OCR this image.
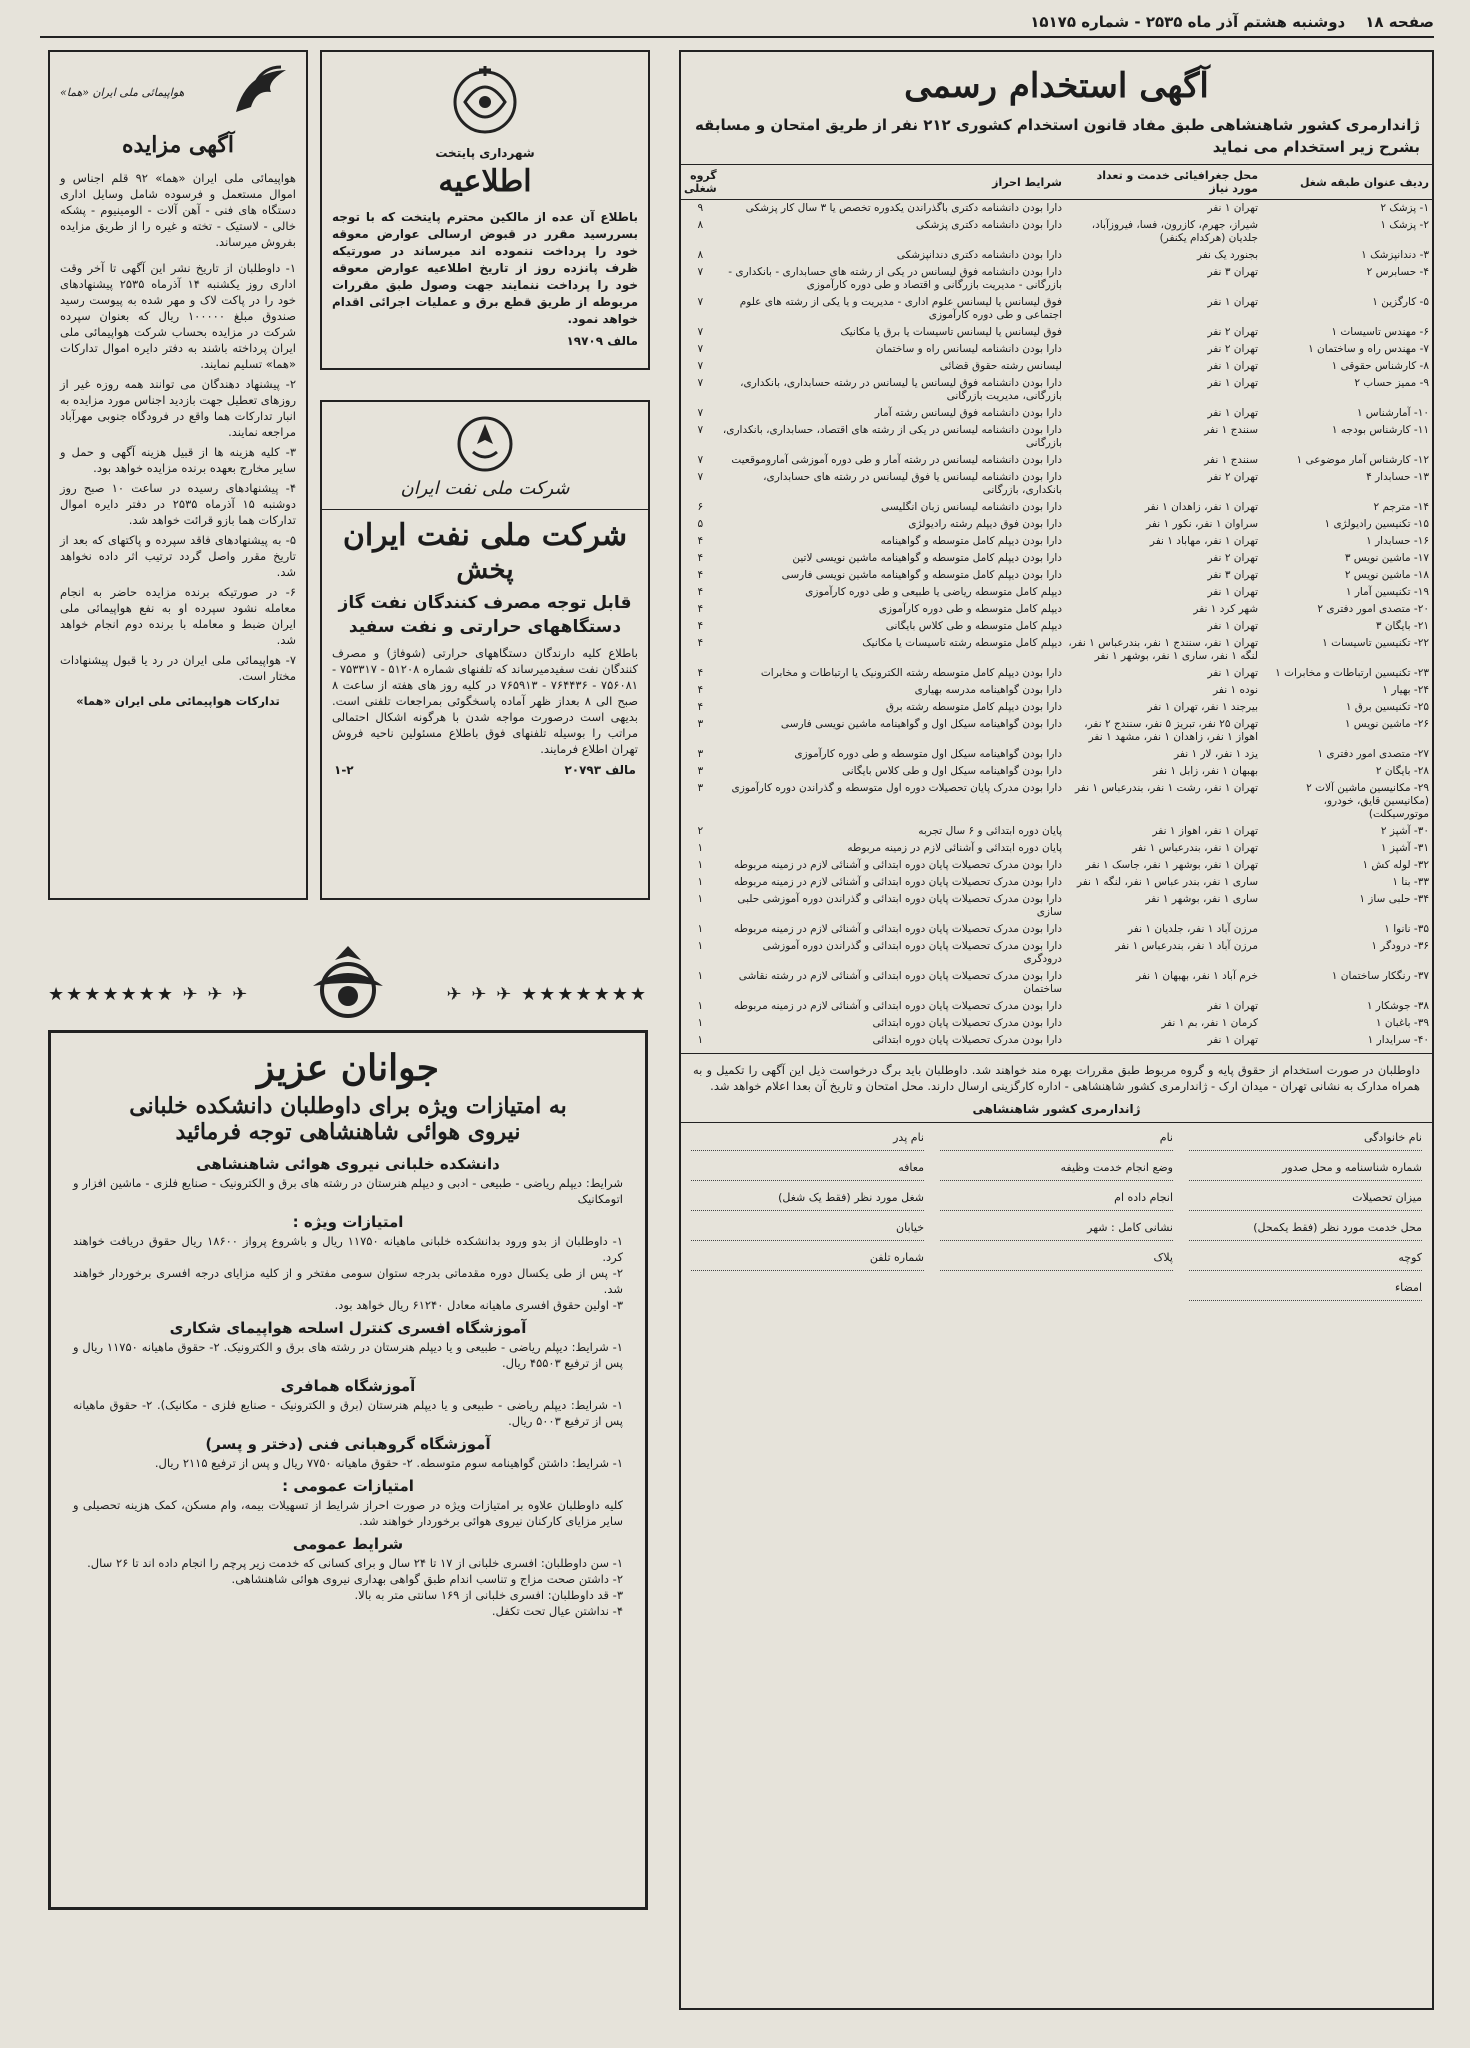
صفحه ۱۸
دوشنبه هشتم آذر ماه ۲۵۳۵ - شماره ۱۵۱۷۵
آگهی استخدام رسمی
ژاندارمری کشور شاهنشاهی طبق مفاد قانون استخدام کشوری ۲۱۲ نفر از طریق امتحان و مسابقه بشرح زیر استخدام می نماید
ردیف عنوان طبقه شغل	محل جغرافیائی خدمت و تعداد مورد نیاز	شرایط احراز	گروه شغلی
۱- پزشک ۲	تهران ۱ نفر	دارا بودن دانشنامه دکتری باگذراندن یکدوره تخصص یا ۳ سال کار پزشکی	۹
۲- پزشک ۱	شیراز، جهرم، کازرون، فسا، فیروزآباد، جلدیان (هرکدام یکنفر)	دارا بودن دانشنامه دکتری پزشکی	۸
۳- دندانپزشک ۱	بجنورد یک نفر	دارا بودن دانشنامه دکتری دندانپزشکی	۸
۴- حسابرس ۲	تهران ۳ نفر	دارا بودن دانشنامه فوق لیسانس در یکی از رشته های حسابداری - بانکداری - بازرگانی - مدیریت بازرگانی و اقتصاد و طی دوره کارآموزی	۷
۵- کارگزین ۱	تهران ۱ نفر	فوق لیسانس یا لیسانس علوم اداری - مدیریت و یا یکی از رشته های علوم اجتماعی و طی دوره کارآموزی	۷
۶- مهندس تاسیسات ۱	تهران ۲ نفر	فوق لیسانس یا لیسانس تاسیسات یا برق یا مکانیک	۷
۷- مهندس راه و ساختمان ۱	تهران ۲ نفر	دارا بودن دانشنامه لیسانس راه و ساختمان	۷
۸- کارشناس حقوقی ۱	تهران ۱ نفر	لیسانس رشته حقوق قضائی	۷
۹- ممیز حساب ۲	تهران ۱ نفر	دارا بودن دانشنامه فوق لیسانس یا لیسانس در رشته حسابداری، بانکداری، بازرگانی، مدیریت بازرگانی	۷
۱۰- آمارشناس ۱	تهران ۱ نفر	دارا بودن دانشنامه فوق لیسانس رشته آمار	۷
۱۱- کارشناس بودجه ۱	سنندج ۱ نفر	دارا بودن دانشنامه لیسانس در یکی از رشته های اقتصاد، حسابداری، بانکداری، بازرگانی	۷
۱۲- کارشناس آمار موضوعی ۱	سنندج ۱ نفر	دارا بودن دانشنامه لیسانس در رشته آمار و طی دوره آموزشی آماروموقعیت	۷
۱۳- حسابدار ۴	تهران ۲ نفر	دارا بودن دانشنامه لیسانس یا فوق لیسانس در رشته های حسابداری، بانکداری، بازرگانی	۷
۱۴- مترجم ۲	تهران ۱ نفر، زاهدان ۱ نفر	دارا بودن دانشنامه لیسانس زبان انگلیسی	۶
۱۵- تکنیسین رادیولژی ۱	سراوان ۱ نفر، نکور ۱ نفر	دارا بودن فوق دیپلم رشته رادیولژی	۵
۱۶- حسابدار ۱	تهران ۱ نفر، مهاباد ۱ نفر	دارا بودن دیپلم کامل متوسطه و گواهینامه	۴
۱۷- ماشین نویس ۳	تهران ۲ نفر	دارا بودن دیپلم کامل متوسطه و گواهینامه ماشین نویسی لاتین	۴
۱۸- ماشین نویس ۲	تهران ۳ نفر	دارا بودن دیپلم کامل متوسطه و گواهینامه ماشین نویسی فارسی	۴
۱۹- تکنیسین آمار ۱	تهران ۱ نفر	دیپلم کامل متوسطه ریاضی یا طبیعی و طی دوره کارآموزی	۴
۲۰- متصدی امور دفتری ۲	شهر کرد ۱ نفر	دیپلم کامل متوسطه و طی دوره کارآموزی	۴
۲۱- بایگان ۳	تهران ۱ نفر	دیپلم کامل متوسطه و طی کلاس بایگانی	۴
۲۲- تکنیسین تاسیسات ۱	تهران ۱ نفر، سنندج ۱ نفر، بندرعباس ۱ نفر، لنگه ۱ نفر، ساری ۱ نفر، بوشهر ۱ نفر	دیپلم کامل متوسطه رشته تاسیسات یا مکانیک	۴
۲۳- تکنیسین ارتباطات و مخابرات ۱	تهران ۱ نفر	دارا بودن دیپلم کامل متوسطه رشته الکترونیک یا ارتباطات و مخابرات	۴
۲۴- بهیار ۱	نوده ۱ نفر	دارا بودن گواهینامه مدرسه بهیاری	۴
۲۵- تکنیسین برق ۱	بیرجند ۱ نفر، تهران ۱ نفر	دارا بودن دیپلم کامل متوسطه رشته برق	۴
۲۶- ماشین نویس ۱	تهران ۲۵ نفر، تبریز ۵ نفر، سنندج ۲ نفر، اهواز ۱ نفر، زاهدان ۱ نفر، مشهد ۱ نفر	دارا بودن گواهینامه سیکل اول و گواهینامه ماشین نویسی فارسی	۳
۲۷- متصدی امور دفتری ۱	یزد ۱ نفر، لار ۱ نفر	دارا بودن گواهینامه سیکل اول متوسطه و طی دوره کارآموزی	۳
۲۸- بایگان ۲	بهبهان ۱ نفر، زابل ۱ نفر	دارا بودن گواهینامه سیکل اول و طی کلاس بایگانی	۳
۲۹- مکانیسین ماشین آلات ۲ (مکانیسین قایق، خودرو، موتورسیکلت)	تهران ۱ نفر، رشت ۱ نفر، بندرعباس ۱ نفر	دارا بودن مدرک پایان تحصیلات دوره اول متوسطه و گذراندن دوره کارآموزی	۳
۳۰- آشپز ۲	تهران ۱ نفر، اهواز ۱ نفر	پایان دوره ابتدائی و ۶ سال تجربه	۲
۳۱- آشپز ۱	تهران ۱ نفر، بندرعباس ۱ نفر	پایان دوره ابتدائی و آشنائی لازم در زمینه مربوطه	۱
۳۲- لوله کش ۱	تهران ۱ نفر، بوشهر ۱ نفر، جاسک ۱ نفر	دارا بودن مدرک تحصیلات پایان دوره ابتدائی و آشنائی لازم در زمینه مربوطه	۱
۳۳- بنا ۱	ساری ۱ نفر، بندر عباس ۱ نفر، لنگه ۱ نفر	دارا بودن مدرک تحصیلات پایان دوره ابتدائی و آشنائی لازم در زمینه مربوطه	۱
۳۴- حلبی ساز ۱	ساری ۱ نفر، بوشهر ۱ نفر	دارا بودن مدرک تحصیلات پایان دوره ابتدائی و گذراندن دوره آموزشی حلبی سازی	۱
۳۵- نانوا ۱	مرزن آباد ۱ نفر، جلدیان ۱ نفر	دارا بودن مدرک تحصیلات پایان دوره ابتدائی و آشنائی لازم در زمینه مربوطه	۱
۳۶- درودگر ۱	مرزن آباد ۱ نفر، بندرعباس ۱ نفر	دارا بودن مدرک تحصیلات پایان دوره ابتدائی و گذراندن دوره آموزشی درودگری	۱
۳۷- رنگکار ساختمان ۱	خرم آباد ۱ نفر، بهبهان ۱ نفر	دارا بودن مدرک تحصیلات پایان دوره ابتدائی و آشنائی لازم در رشته نقاشی ساختمان	۱
۳۸- جوشکار ۱	تهران ۱ نفر	دارا بودن مدرک تحصیلات پایان دوره ابتدائی و آشنائی لازم در زمینه مربوطه	۱
۳۹- باغبان ۱	کرمان ۱ نفر، بم ۱ نفر	دارا بودن مدرک تحصیلات پایان دوره ابتدائی	۱
۴۰- سرایدار ۱	تهران ۱ نفر	دارا بودن مدرک تحصیلات پایان دوره ابتدائی	۱
داوطلبان در صورت استخدام از حقوق پایه و گروه مربوط طبق مقررات بهره مند خواهند شد. داوطلبان باید برگ درخواست ذیل این آگهی را تکمیل و به همراه مدارک به نشانی تهران - میدان ارک - ژاندارمری کشور شاهنشاهی - اداره کارگزینی ارسال دارند. محل امتحان و تاریخ آن بعدا اعلام خواهد شد.
ژاندارمری کشور شاهنشاهی
نام خانوادگی
نام
نام پدر
شماره شناسنامه و محل صدور
وضع انجام خدمت وظیفه
معافه
میزان تحصیلات
انجام داده ام
شغل مورد نظر (فقط یک شغل)
محل خدمت مورد نظر (فقط یکمحل)
نشانی کامل : شهر
خیابان
کوچه
پلاک
شماره تلفن
امضاء
شهرداری پایتخت
اطلاعیه
باطلاع آن عده از مالکین محترم پایتخت که با توجه بسررسید مقرر در قبوض ارسالی عوارض معوقه خود را پرداخت ننموده اند میرساند در صورتیکه ظرف پانزده روز از تاریخ اطلاعیه عوارض معوقه خود را پرداخت ننمایند جهت وصول طبق مقررات مربوطه از طریق قطع برق و عملیات اجرائی اقدام خواهد نمود.
مالف ۱۹۷۰۹
شرکت ملی نفت ایران
شرکت ملی نفت ایران
پخش
قابل توجه مصرف کنندگان نفت گاز دستگاههای حرارتی و نفت سفید
باطلاع کلیه دارندگان دستگاههای حرارتی (شوفاژ) و مصرف کنندگان نفت سفیدمیرساند که تلفنهای شماره ۵۱۲۰۸ - ۷۵۳۳۱۷ - ۷۵۶۰۸۱ - ۷۶۴۴۳۶ - ۷۶۵۹۱۳ در کلیه روز های هفته از ساعت ۸ صبح الی ۸ بعداز ظهر آماده پاسخگوئی بمراجعات تلفنی است. بدیهی است درصورت مواجه شدن با هرگونه اشکال احتمالی مراتب را بوسیله تلفنهای فوق باطلاع مسئولین ناحیه فروش تهران اطلاع فرمایند.
مالف ۲۰۷۹۳
۱-۲
هواپیمائی ملی ایران «هما»
آگهی مزایده
هواپیمائی ملی ایران «هما» ۹۲ قلم اجناس و اموال مستعمل و فرسوده شامل وسایل اداری دستگاه های فنی - آهن آلات - الومینیوم - پشکه خالی - لاستیک - تخته و غیره را از طریق مزایده بفروش میرساند.
۱- داوطلبان از تاریخ نشر این آگهی تا آخر وقت اداری روز یکشنبه ۱۴ آذرماه ۲۵۳۵ پیشنهادهای خود را در پاکت لاک و مهر شده به پیوست رسید صندوق مبلغ ۱۰۰۰۰۰ ریال که بعنوان سپرده شرکت در مزایده بحساب شرکت هواپیمائی ملی ایران پرداخته باشند به دفتر دایره اموال تدارکات «هما» تسلیم نمایند.
۲- پیشنهاد دهندگان می توانند همه روزه غیر از روزهای تعطیل جهت بازدید اجناس مورد مزایده به انبار تدارکات هما واقع در فرودگاه جنوبی مهرآباد مراجعه نمایند.
۳- کلیه هزینه ها از قبیل هزینه آگهی و حمل و سایر مخارج بعهده برنده مزایده خواهد بود.
۴- پیشنهادهای رسیده در ساعت ۱۰ صبح روز دوشنبه ۱۵ آذرماه ۲۵۳۵ در دفتر دایره اموال تدارکات هما بازو قرائت خواهد شد.
۵- به پیشنهادهای فاقد سپرده و پاکتهای که بعد از تاریخ مقرر واصل گردد ترتیب اثر داده نخواهد شد.
۶- در صورتیکه برنده مزایده حاضر به انجام معامله نشود سپرده او به نفع هواپیمائی ملی ایران ضبط و معامله با برنده دوم انجام خواهد شد.
۷- هواپیمائی ملی ایران در رد یا قبول پیشنهادات مختار است.
تدارکات هواپیمائی ملی ایران «هما»
★★★★★★★ ✈ ✈ ✈
✈ ✈ ✈ ★★★★★★★
جوانان عزیز
به امتیازات ویژه برای داوطلبان دانشکده خلبانی
نیروی هوائی شاهنشاهی توجه فرمائید
دانشکده خلبانی نیروی هوائی شاهنشاهی
شرایط: دیپلم ریاضی - طبیعی - ادبی و دیپلم هنرستان در رشته های برق و الکترونیک - صنایع فلزی - ماشین افزار و اتومکانیک
امتیازات ویژه :
۱- داوطلبان از بدو ورود بدانشکده خلبانی ماهیانه ۱۱۷۵۰ ریال و باشروع پرواز ۱۸۶۰۰ ریال حقوق دریافت خواهند کرد.
۲- پس از طی یکسال دوره مقدماتی بدرجه ستوان سومی مفتخر و از کلیه مزایای درجه افسری برخوردار خواهند شد.
۳- اولین حقوق افسری ماهیانه معادل ۶۱۲۴۰ ریال خواهد بود.
آموزشگاه افسری کنترل اسلحه هواپیمای شکاری
۱- شرایط: دیپلم ریاضی - طبیعی و یا دیپلم هنرستان در رشته های برق و الکترونیک. ۲- حقوق ماهیانه ۱۱۷۵۰ ریال و پس از ترفیع ۴۵۵۰۳ ریال.
آموزشگاه همافری
۱- شرایط: دیپلم ریاضی - طبیعی و یا دیپلم هنرستان (برق و الکترونیک - صنایع فلزی - مکانیک). ۲- حقوق ماهیانه پس از ترفیع ۵۰۰۳ ریال.
آموزشگاه گروهبانی فنی (دختر و پسر)
۱- شرایط: داشتن گواهینامه سوم متوسطه. ۲- حقوق ماهیانه ۷۷۵۰ ریال و پس از ترفیع ۲۱۱۵ ریال.
امتیازات عمومی :
کلیه داوطلبان علاوه بر امتیازات ویژه در صورت احراز شرایط از تسهیلات بیمه، وام مسکن، کمک هزینه تحصیلی و سایر مزایای کارکنان نیروی هوائی برخوردار خواهند شد.
شرایط عمومی
۱- سن داوطلبان: افسری خلبانی از ۱۷ تا ۲۴ سال و برای کسانی که خدمت زیر پرچم را انجام داده اند تا ۲۶ سال.
۲- داشتن صحت مزاج و تناسب اندام طبق گواهی بهداری نیروی هوائی شاهنشاهی.
۳- قد داوطلبان: افسری خلبانی از ۱۶۹ سانتی متر به بالا.
۴- نداشتن عیال تحت تکفل.
